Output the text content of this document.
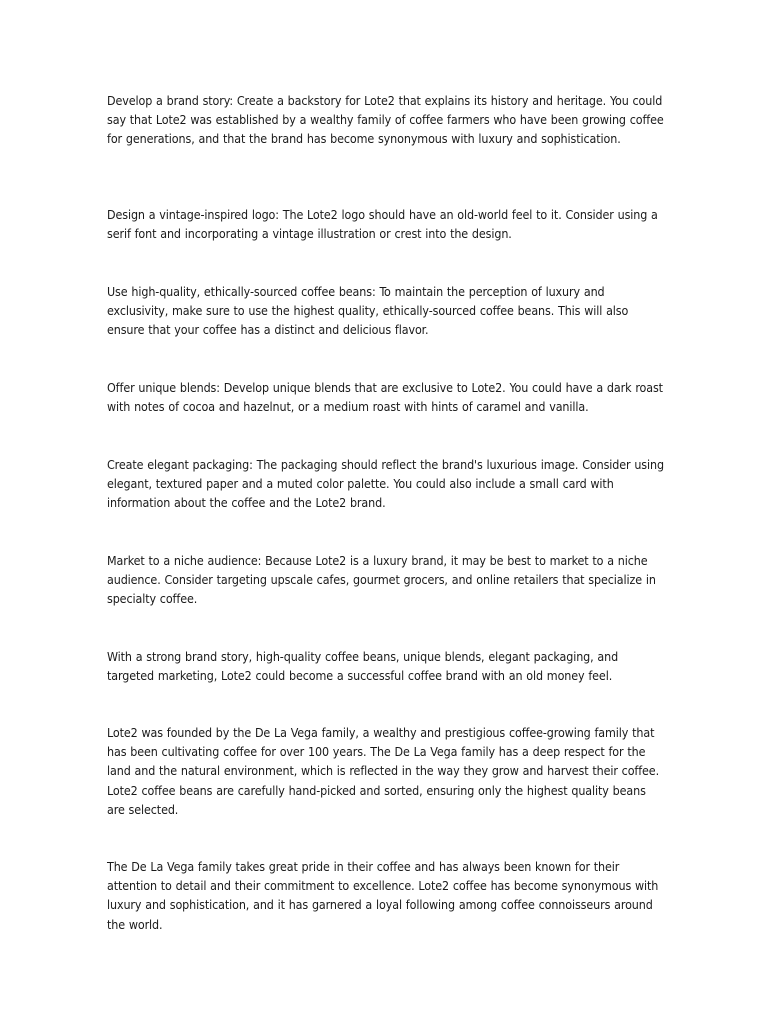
Develop a brand story: Create a backstory for Lote2 that explains its history and heritage. You could say that Lote2 was established by a wealthy family of coffee farmers who have been growing coffee for generations, and that the brand has become synonymous with luxury and sophistication.

Design a vintage-inspired logo: The Lote2 logo should have an old-world feel to it. Consider using a serif font and incorporating a vintage illustration or crest into the design.

Use high-quality, ethically-sourced coffee beans: To maintain the perception of luxury and exclusivity, make sure to use the highest quality, ethically-sourced coffee beans. This will also ensure that your coffee has a distinct and delicious flavor.

Offer unique blends: Develop unique blends that are exclusive to Lote2. You could have a dark roast with notes of cocoa and hazelnut, or a medium roast with hints of caramel and vanilla.

Create elegant packaging: The packaging should reflect the brand's luxurious image. Consider using elegant, textured paper and a muted color palette. You could also include a small card with information about the coffee and the Lote2 brand.

Market to a niche audience: Because Lote2 is a luxury brand, it may be best to market to a niche audience. Consider targeting upscale cafes, gourmet grocers, and online retailers that specialize in specialty coffee.

With a strong brand story, high-quality coffee beans, unique blends, elegant packaging, and targeted marketing, Lote2 could become a successful coffee brand with an old money feel.

Lote2 was founded by the De La Vega family, a wealthy and prestigious coffee-growing family that has been cultivating coffee for over 100 years. The De La Vega family has a deep respect for the land and the natural environment, which is reflected in the way they grow and harvest their coffee. Lote2 coffee beans are carefully hand-picked and sorted, ensuring only the highest quality beans are selected.

The De La Vega family takes great pride in their coffee and has always been known for their attention to detail and their commitment to excellence. Lote2 coffee has become synonymous with luxury and sophistication, and it has garnered a loyal following among coffee connoisseurs around the world.
